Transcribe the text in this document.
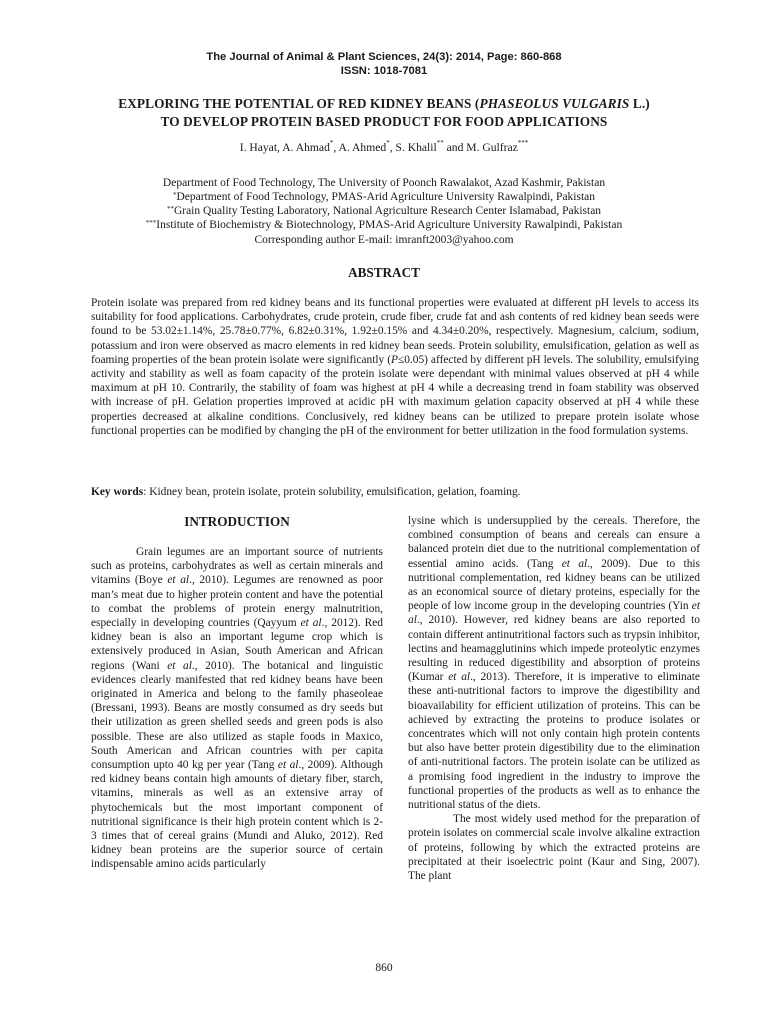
The Journal of Animal & Plant Sciences, 24(3): 2014, Page: 860-868
ISSN: 1018-7081
EXPLORING THE POTENTIAL OF RED KIDNEY BEANS (PHASEOLUS VULGARIS L.)
TO DEVELOP PROTEIN BASED PRODUCT FOR FOOD APPLICATIONS
I. Hayat, A. Ahmad*, A. Ahmed*, S. Khalil** and M. Gulfraz***
Department of Food Technology, The University of Poonch Rawalakot, Azad Kashmir, Pakistan
*Department of Food Technology, PMAS-Arid Agriculture University Rawalpindi, Pakistan
**Grain Quality Testing Laboratory, National Agriculture Research Center Islamabad, Pakistan
***Institute of Biochemistry & Biotechnology, PMAS-Arid Agriculture University Rawalpindi, Pakistan
Corresponding author E-mail: imranft2003@yahoo.com
ABSTRACT

Protein isolate was prepared from red kidney beans and its functional properties were evaluated at different pH levels to access its suitability for food applications. Carbohydrates, crude protein, crude fiber, crude fat and ash contents of red kidney bean seeds were found to be 53.02±1.14%, 25.78±0.77%, 6.82±0.31%, 1.92±0.15% and 4.34±0.20%, respectively. Magnesium, calcium, sodium, potassium and iron were observed as macro elements in red kidney bean seeds. Protein solubility, emulsification, gelation as well as foaming properties of the bean protein isolate were significantly (P≤0.05) affected by different pH levels. The solubility, emulsifying activity and stability as well as foam capacity of the protein isolate were dependant with minimal values observed at pH 4 while maximum at pH 10. Contrarily, the stability of foam was highest at pH 4 while a decreasing trend in foam stability was observed with increase of pH. Gelation properties improved at acidic pH with maximum gelation capacity observed at pH 4 while these properties decreased at alkaline conditions. Conclusively, red kidney beans can be utilized to prepare protein isolate whose functional properties can be modified by changing the pH of the environment for better utilization in the food formulation systems.

Key words: Kidney bean, protein isolate, protein solubility, emulsification, gelation, foaming.
INTRODUCTION

Grain legumes are an important source of nutrients such as proteins, carbohydrates as well as certain minerals and vitamins (Boye et al., 2010). Legumes are renowned as poor man’s meat due to higher protein content and have the potential to combat the problems of protein energy malnutrition, especially in developing countries (Qayyum et al., 2012). Red kidney bean is also an important legume crop which is extensively produced in Asian, South American and African regions (Wani et al., 2010). The botanical and linguistic evidences clearly manifested that red kidney beans have been originated in America and belong to the family phaseoleae (Bressani, 1993). Beans are mostly consumed as dry seeds but their utilization as green shelled seeds and green pods is also possible. These are also utilized as staple foods in Maxico, South American and African countries with per capita consumption upto 40 kg per year (Tang et al., 2009). Although red kidney beans contain high amounts of dietary fiber, starch, vitamins, minerals as well as an extensive array of phytochemicals but the most important component of nutritional significance is their high protein content which is 2-3 times that of cereal grains (Mundi and Aluko, 2012). Red kidney bean proteins are the superior source of certain indispensable amino acids particularly

lysine which is undersupplied by the cereals. Therefore, the combined consumption of beans and cereals can ensure a balanced protein diet due to the nutritional complementation of essential amino acids. (Tang et al., 2009). Due to this nutritional complementation, red kidney beans can be utilized as an economical source of dietary proteins, especially for the people of low income group in the developing countries (Yin et al., 2010). However, red kidney beans are also reported to contain different antinutritional factors such as trypsin inhibitor, lectins and heamagglutinins which impede proteolytic enzymes resulting in reduced digestibility and absorption of proteins (Kumar et al., 2013). Therefore, it is imperative to eliminate these anti-nutritional factors to improve the digestibility and bioavailability for efficient utilization of proteins. This can be achieved by extracting the proteins to produce isolates or concentrates which will not only contain high protein contents but also have better protein digestibility due to the elimination of anti-nutritional factors. The protein isolate can be utilized as a promising food ingredient in the industry to improve the functional properties of the products as well as to enhance the nutritional status of the diets.

The most widely used method for the preparation of protein isolates on commercial scale involve alkaline extraction of proteins, following by which the extracted proteins are precipitated at their isoelectric point (Kaur and Sing, 2007). The plant

860
